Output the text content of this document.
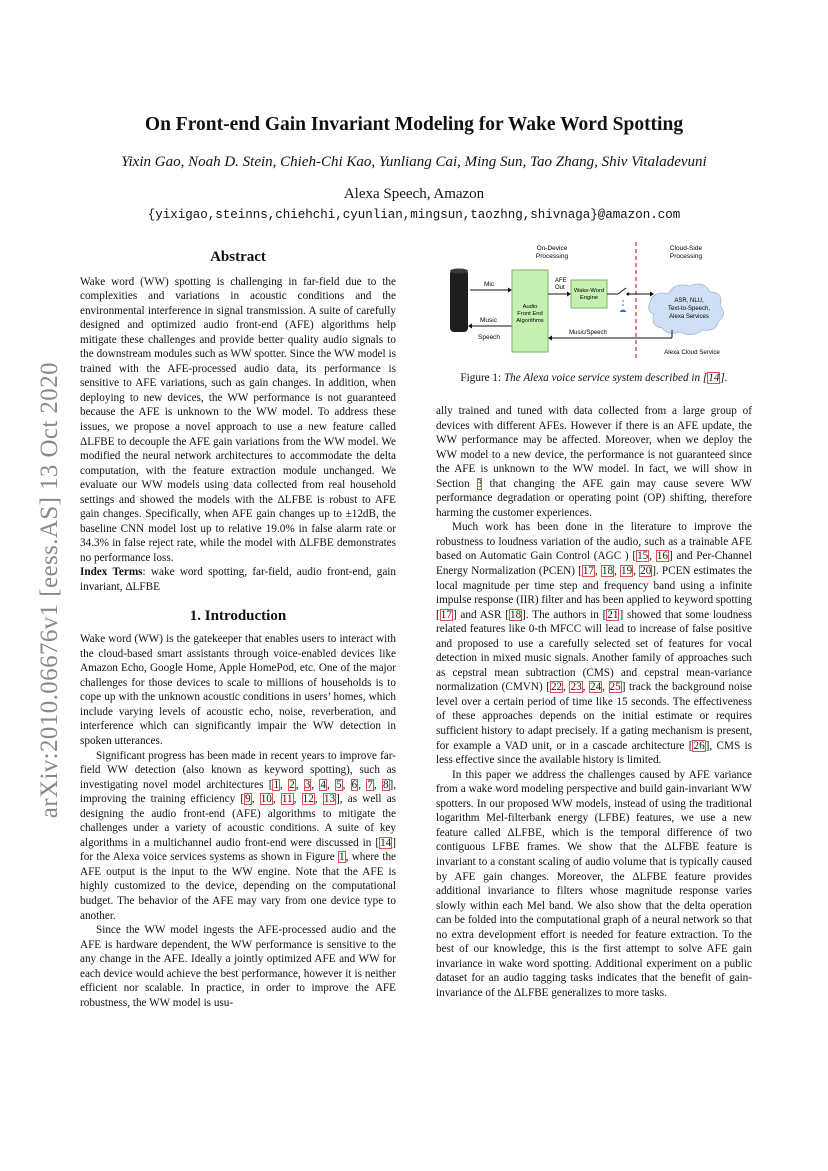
On Front-end Gain Invariant Modeling for Wake Word Spotting
Yixin Gao, Noah D. Stein, Chieh-Chi Kao, Yunliang Cai, Ming Sun, Tao Zhang, Shiv Vitaladevuni
Alexa Speech, Amazon
{yixigao,steinns,chiehchi,cyunlian,mingsun,taozhng,shivnaga}@amazon.com
arXiv:2010.06676v1 [eess.AS] 13 Oct 2020
Abstract

Wake word (WW) spotting is challenging in far-field due to the complexities and variations in acoustic conditions and the environmental interference in signal transmission. A suite of carefully designed and optimized audio front-end (AFE) algorithms help mitigate these challenges and provide better quality audio signals to the downstream modules such as WW spotter. Since the WW model is trained with the AFE-processed audio data, its performance is sensitive to AFE variations, such as gain changes. In addition, when deploying to new devices, the WW performance is not guaranteed because the AFE is unknown to the WW model. To address these issues, we propose a novel approach to use a new feature called ΔLFBE to decouple the AFE gain variations from the WW model. We modified the neural network architectures to accommodate the delta computation, with the feature extraction module unchanged. We evaluate our WW models using data collected from real household settings and showed the models with the ΔLFBE is robust to AFE gain changes. Specifically, when AFE gain changes up to ±12dB, the baseline CNN model lost up to relative 19.0% in false alarm rate or 34.3% in false reject rate, while the model with ΔLFBE demonstrates no performance loss.

Index Terms: wake word spotting, far-field, audio front-end, gain invariant, ΔLFBE

1. Introduction

Wake word (WW) is the gatekeeper that enables users to interact with the cloud-based smart assistants through voice-enabled devices like Amazon Echo, Google Home, Apple HomePod, etc. One of the major challenges for those devices to scale to millions of households is to cope up with the unknown acoustic conditions in users’ homes, which include varying levels of acoustic echo, noise, reverberation, and interference which can significantly impair the WW detection in spoken utterances.

Significant progress has been made in recent years to improve far-field WW detection (also known as keyword spotting), such as investigating novel model architectures [1, 2, 3, 4, 5, 6, 7, 8], improving the training efficiency [9, 10, 11, 12, 13], as well as designing the audio front-end (AFE) algorithms to mitigate the challenges under a variety of acoustic conditions. A suite of key algorithms in a multichannel audio front-end were discussed in [14] for the Alexa voice services systems as shown in Figure 1, where the AFE output is the input to the WW engine. Note that the AFE is highly customized to the device, depending on the computational budget. The behavior of the AFE may vary from one device type to another.

Since the WW model ingests the AFE-processed audio and the AFE is hardware dependent, the WW performance is sensitive to the any change in the AFE. Ideally a jointly optimized AFE and WW for each device would achieve the best performance, however it is neither efficient nor scalable. In practice, in order to improve the AFE robustness, the WW model is usu-

On-Device
Processing
Cloud-Side
Processing
Mic
Music
Speech
Audio
Front End
Algorithms
AFE
Out Wake-Word
Engine	ASR, NLU,
Text-to-Speech,
Alexa Services
Music/Speech
Alexa Cloud Service
Figure 1: The Alexa voice service system described in [14].

ally trained and tuned with data collected from a large group of devices with different AFEs. However if there is an AFE update, the WW performance may be affected. Moreover, when we deploy the WW model to a new device, the performance is not guaranteed since the AFE is unknown to the WW model. In fact, we will show in Section 3 that changing the AFE gain may cause severe WW performance degradation or operating point (OP) shifting, therefore harming the customer experiences.

Much work has been done in the literature to improve the robustness to loudness variation of the audio, such as a trainable AFE based on Automatic Gain Control (AGC ) [15, 16] and Per-Channel Energy Normalization (PCEN) [17, 18, 19, 20]. PCEN estimates the local magnitude per time step and frequency band using a infinite impulse response (IIR) filter and has been applied to keyword spotting [17] and ASR [18]. The authors in [21] showed that some loudness related features like 0-th MFCC will lead to increase of false positive and proposed to use a carefully selected set of features for vocal detection in mixed music signals. Another family of approaches such as cepstral mean subtraction (CMS) and cepstral mean-variance normalization (CMVN) [22, 23, 24, 25] track the background noise level over a certain period of time like 15 seconds. The effectiveness of these approaches depends on the initial estimate or requires sufficient history to adapt precisely. If a gating mechanism is present, for example a VAD unit, or in a cascade architecture [26], CMS is less effective since the available history is limited.

In this paper we address the challenges caused by AFE variance from a wake word modeling perspective and build gain-invariant WW spotters. In our proposed WW models, instead of using the traditional logarithm Mel-filterbank energy (LFBE) features, we use a new feature called ΔLFBE, which is the temporal difference of two contiguous LFBE frames. We show that the ΔLFBE feature is invariant to a constant scaling of audio volume that is typically caused by AFE gain changes. Moreover, the ΔLFBE feature provides additional invariance to filters whose magnitude response varies slowly within each Mel band. We also show that the delta operation can be folded into the computational graph of a neural network so that no extra development effort is needed for feature extraction. To the best of our knowledge, this is the first attempt to solve AFE gain invariance in wake word spotting. Additional experiment on a public dataset for an audio tagging tasks indicates that the benefit of gain-invariance of the ΔLFBE generalizes to more tasks.
